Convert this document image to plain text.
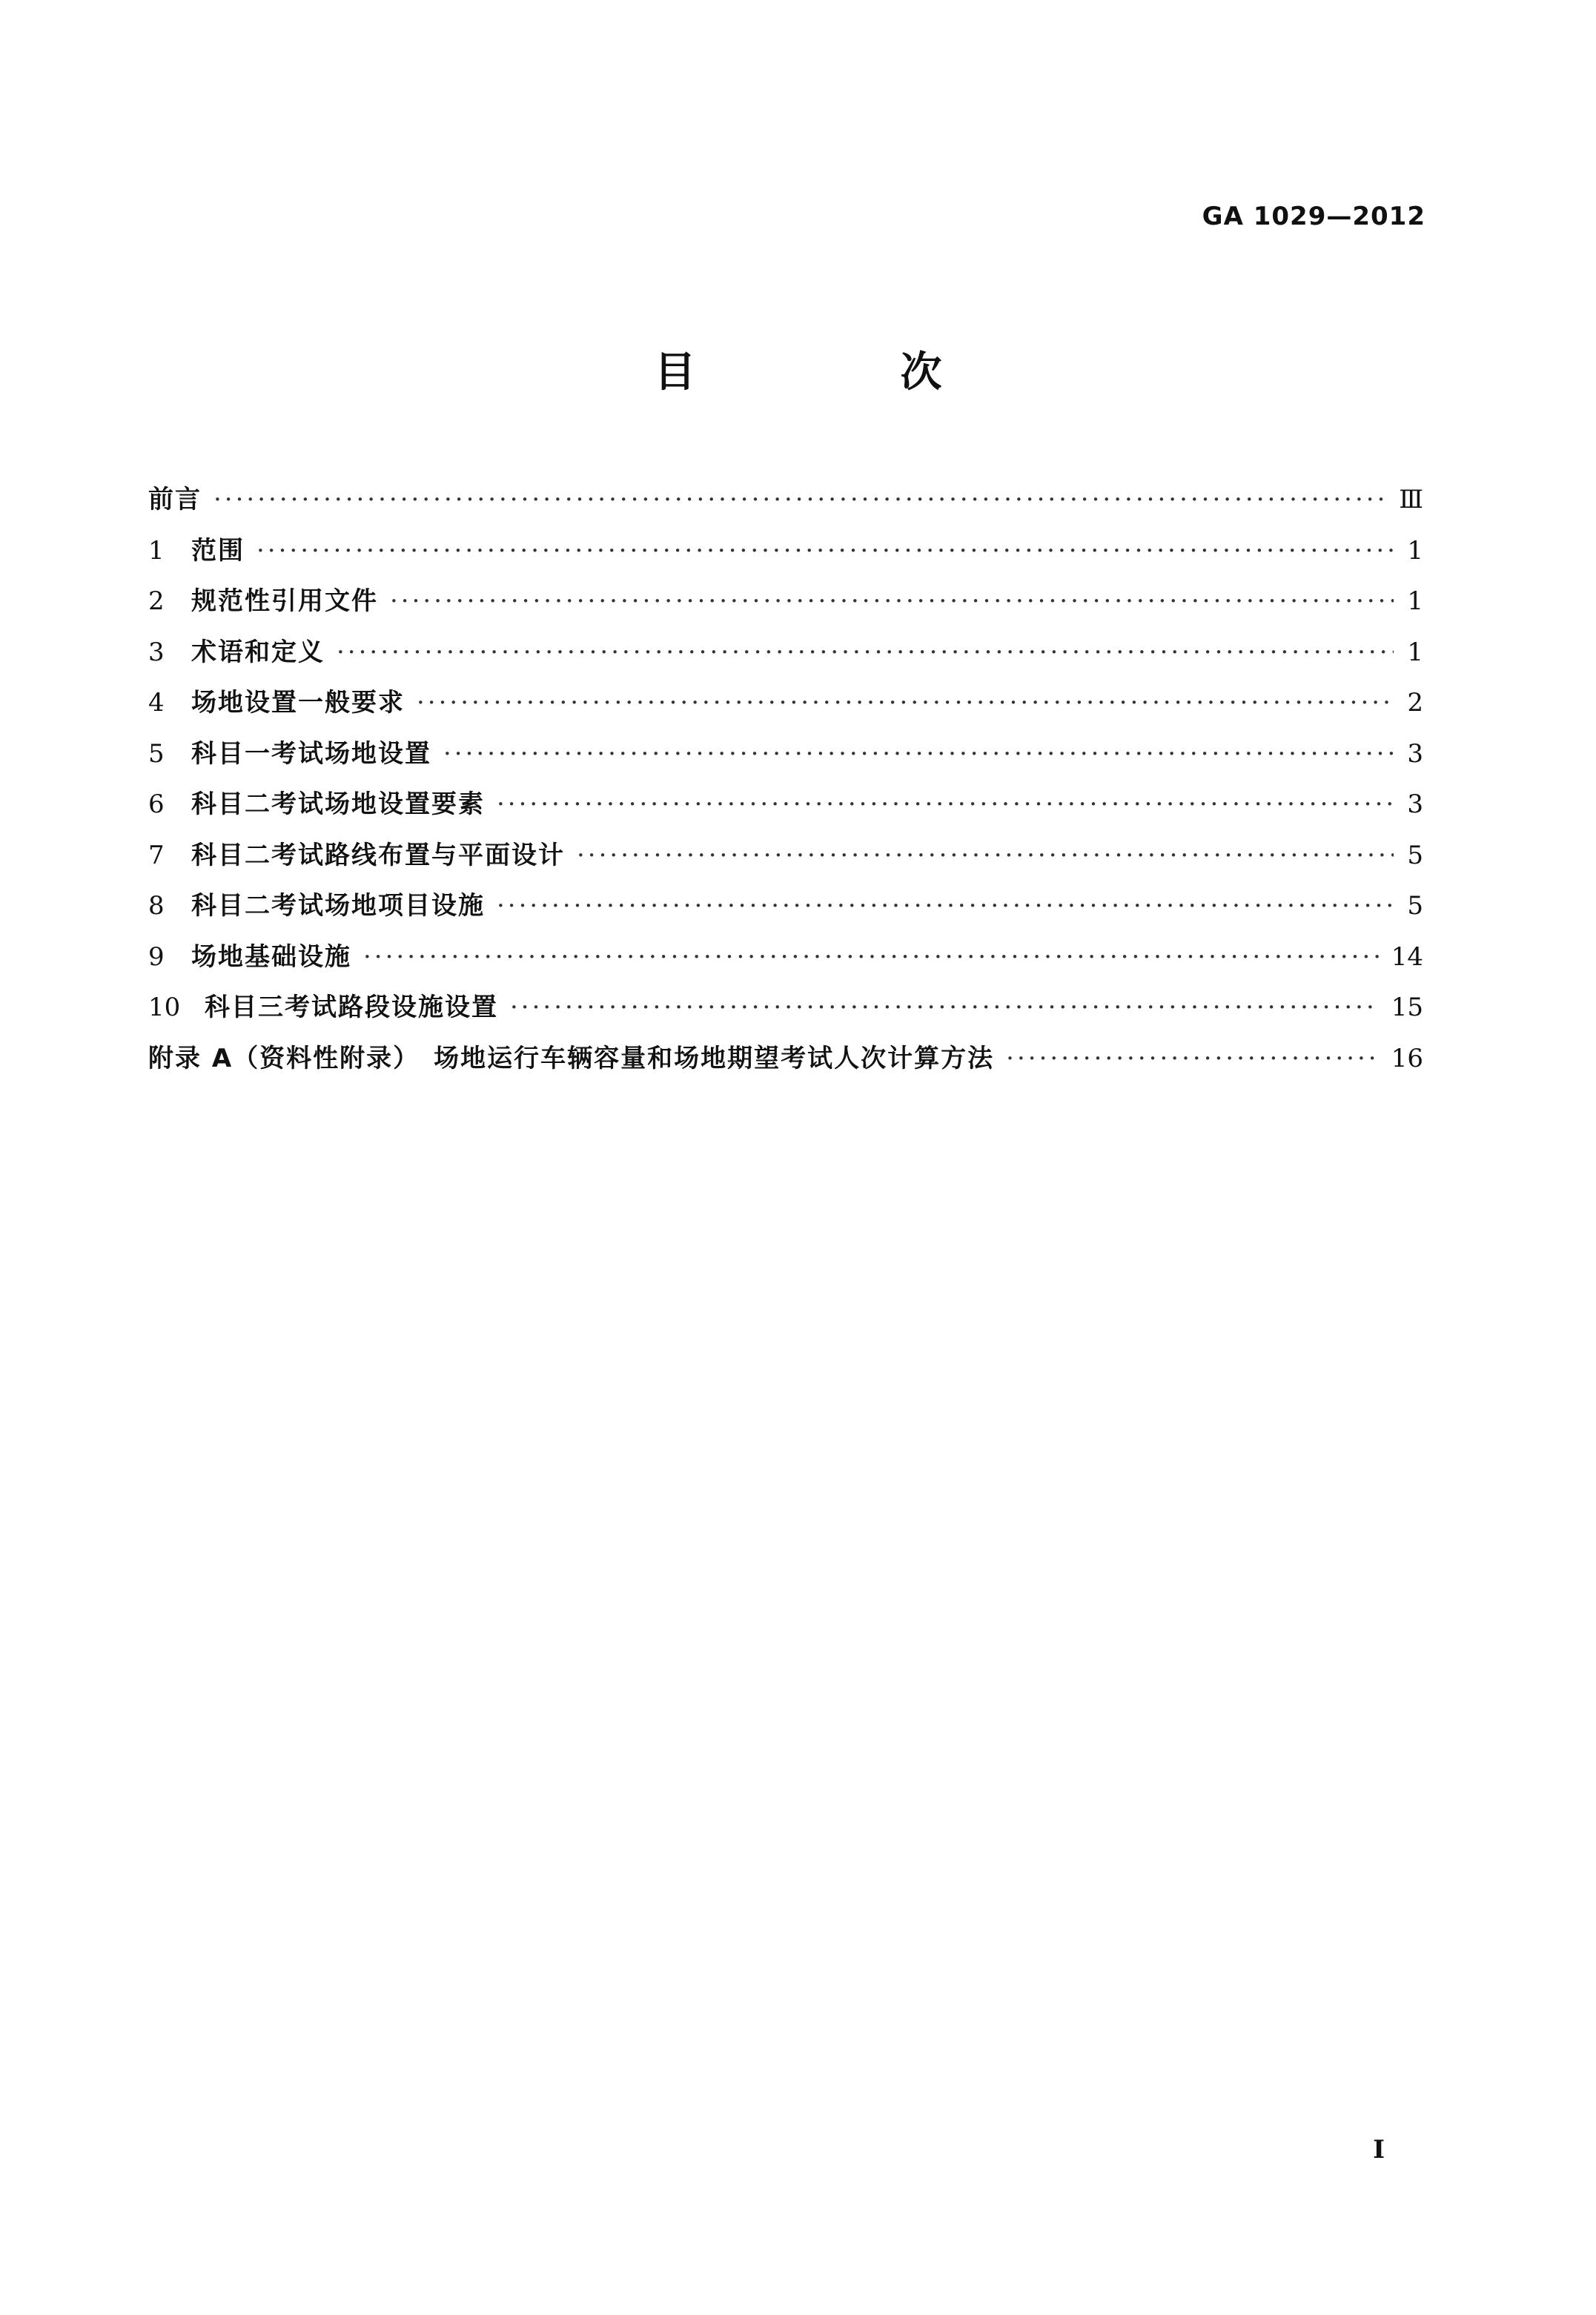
GA 1029—2012
目　次
前言 ·····	Ⅲ
1	范围 ·····	1
2	规范性引用文件 ·····	1
3	术语和定义 ·····	1
4	场地设置一般要求 ·····	2
5	科目一考试场地设置 ·····	3
6	科目二考试场地设置要素 ·····	3
7	科目二考试路线布置与平面设计 ·····	5
8	科目二考试场地项目设施 ·····	5
9	场地基础设施 ·····	14
10 科目三考试路段设施设置 ·····	15
附录 A（资料性附录）　场地运行车辆容量和场地期望考试人次计算方法 ·····	16
I
